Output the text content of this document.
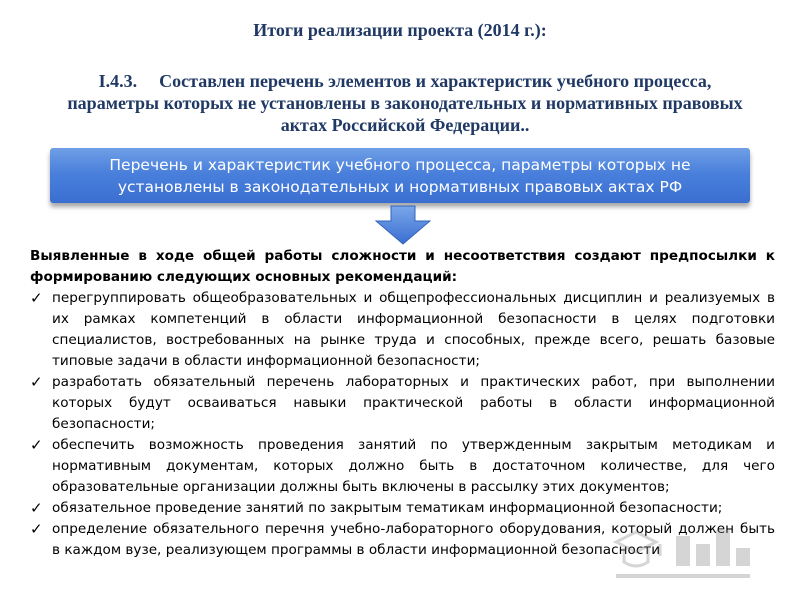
Итоги реализации проекта (2014 г.):
I.4.3. Составлен перечень элементов и характеристик учебного процесса, параметры которых не установлены в законодательных и нормативных правовых актах Российской Федерации..
Перечень и характеристик учебного процесса, параметры которых не установлены в законодательных и нормативных правовых актах РФ

Выявленные в ходе общей работы сложности и несоответствия создают предпосылки к формированию следующих основных рекомендаций:

✓ перегруппировать общеобразовательных и общепрофессиональных дисциплин и реализуемых в их рамках компетенций в области информационной безопасности в целях подготовки специалистов, востребованных на рынке труда и способных, прежде всего, решать базовые типовые задачи в области информационной безопасности;
✓ разработать обязательный перечень лабораторных и практических работ, при выполнении которых будут осваиваться навыки практической работы в области информационной безопасности;
✓ обеспечить возможность проведения занятий по утвержденным закрытым методикам и нормативным документам, которых должно быть в достаточном количестве, для чего образовательные организации должны быть включены в рассылку этих документов;
✓ обязательное проведение занятий по закрытым тематикам информационной безопасности;
✓ определение обязательного перечня учебно-лабораторного оборудования, который должен быть в каждом вузе, реализующем программы в области информационной безопасности
